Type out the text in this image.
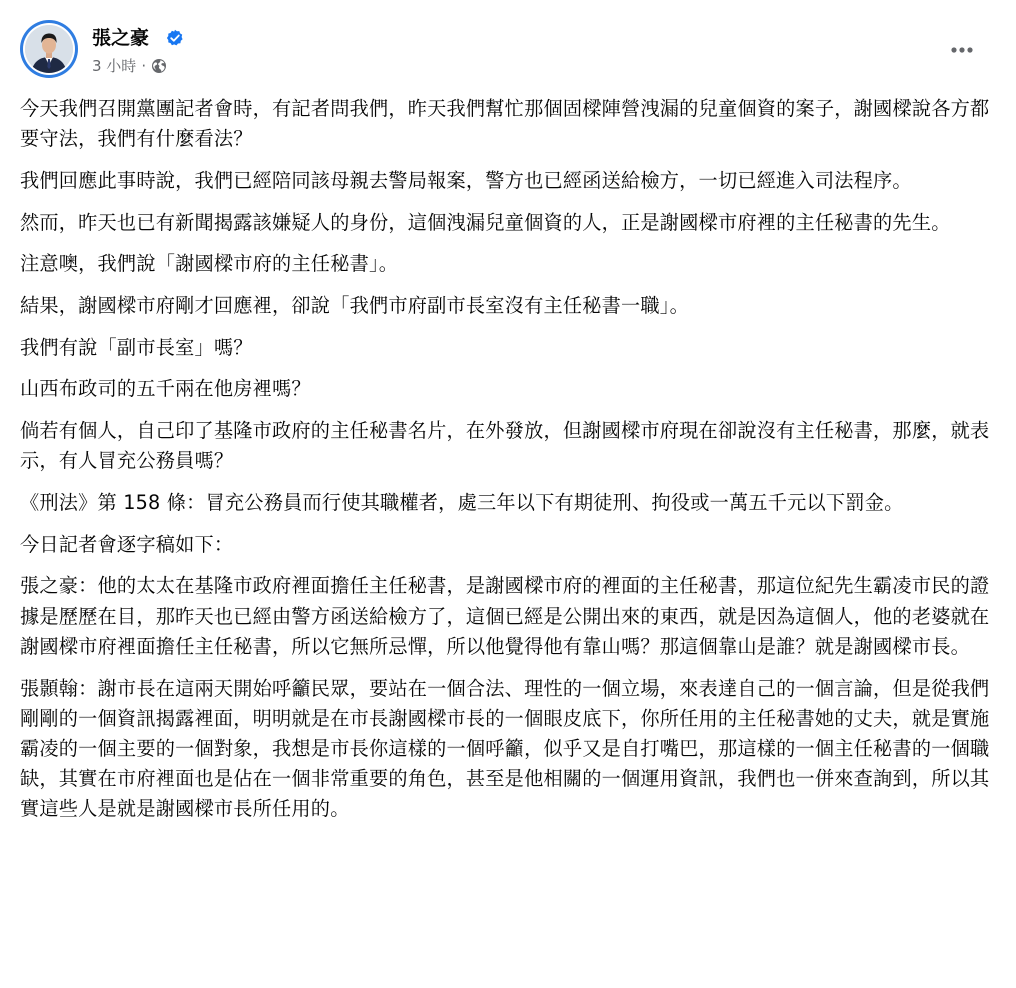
張之豪
3 小時 ·

今天我們召開黨團記者會時，有記者問我們，昨天我們幫忙那個固樑陣營洩漏的兒童個資的案子，謝國樑說各方都要守法，我們有什麼看法？

我們回應此事時說，我們已經陪同該母親去警局報案，警方也已經函送給檢方，一切已經進入司法程序。

然而，昨天也已有新聞揭露該嫌疑人的身份，這個洩漏兒童個資的人，正是謝國樑市府裡的主任秘書的先生。

注意噢，我們說「謝國樑市府的主任秘書」。

結果，謝國樑市府剛才回應裡，卻說「我們市府副市長室沒有主任秘書一職」。

我們有說「副市長室」嗎？

山西布政司的五千兩在他房裡嗎？

倘若有個人，自己印了基隆市政府的主任秘書名片，在外發放，但謝國樑市府現在卻說沒有主任秘書，那麼，就表示，有人冒充公務員嗎？

《刑法》第 158 條：冒充公務員而行使其職權者，處三年以下有期徒刑、拘役或一萬五千元以下罰金。

今日記者會逐字稿如下：

張之豪：他的太太在基隆市政府裡面擔任主任秘書，是謝國樑市府的裡面的主任秘書，那這位紀先生霸凌市民的證據是歷歷在目，那昨天也已經由警方函送給檢方了，這個已經是公開出來的東西，就是因為這個人，他的老婆就在謝國樑市府裡面擔任主任秘書，所以它無所忌憚，所以他覺得他有靠山嗎？那這個靠山是誰？就是謝國樑市長。

張顥翰：謝市長在這兩天開始呼籲民眾，要站在一個合法、理性的一個立場，來表達自己的一個言論，但是從我們剛剛的一個資訊揭露裡面，明明就是在市長謝國樑市長的一個眼皮底下，你所任用的主任秘書她的丈夫，就是實施霸凌的一個主要的一個對象，我想是市長你這樣的一個呼籲，似乎又是自打嘴巴，那這樣的一個主任秘書的一個職缺，其實在市府裡面也是佔在一個非常重要的角色，甚至是他相關的一個運用資訊，我們也一併來查詢到，所以其實這些人是就是謝國樑市長所任用的。
